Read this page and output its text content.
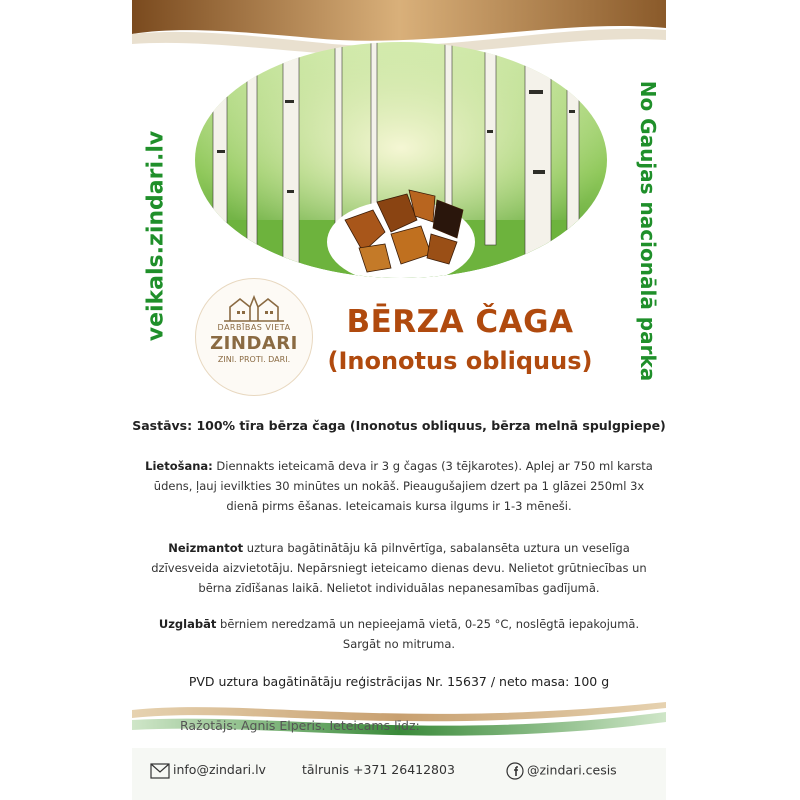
veikals.zindari.lv	No Gaujas nacionālā parka
DARBĪBAS VIETA
ZINDARI
ZINI. PROTI. DARI.
BĒRZA ČAGA
(Inonotus obliquus)
Sastāvs: 100% tīra bērza čaga (Inonotus obliquus, bērza melnā spulgpiepe)
Lietošana: Diennakts ieteicamā deva ir 3 g čagas (3 tējkarotes). Aplej ar 750 ml karsta ūdens, ļauj ievilkties 30 minūtes un nokāš. Pieaugušajiem dzert pa 1 glāzei 250ml 3x dienā pirms ēšanas. Ieteicamais kursa ilgums ir 1-3 mēneši.
Neizmantot uztura bagātinātāju kā pilnvērtīga, sabalansēta uztura un veselīga dzīvesveida aizvietotāju. Nepārsniegt ieteicamo dienas devu. Nelietot grūtniecības un bērna zīdīšanas laikā. Nelietot individuālas nepanesamības gadījumā.
Uzglabāt bērniem neredzamā un nepieejamā vietā, 0-25 °C, noslēgtā iepakojumā. Sargāt no mitruma.
PVD uztura bagātinātāju reģistrācijas Nr. 15637 / neto masa: 100 g
Ražotājs: Agnis Elperis. Ieteicams līdz:
info@zindari.lv	tālrunis +371 26412803	@zindari.cesis
